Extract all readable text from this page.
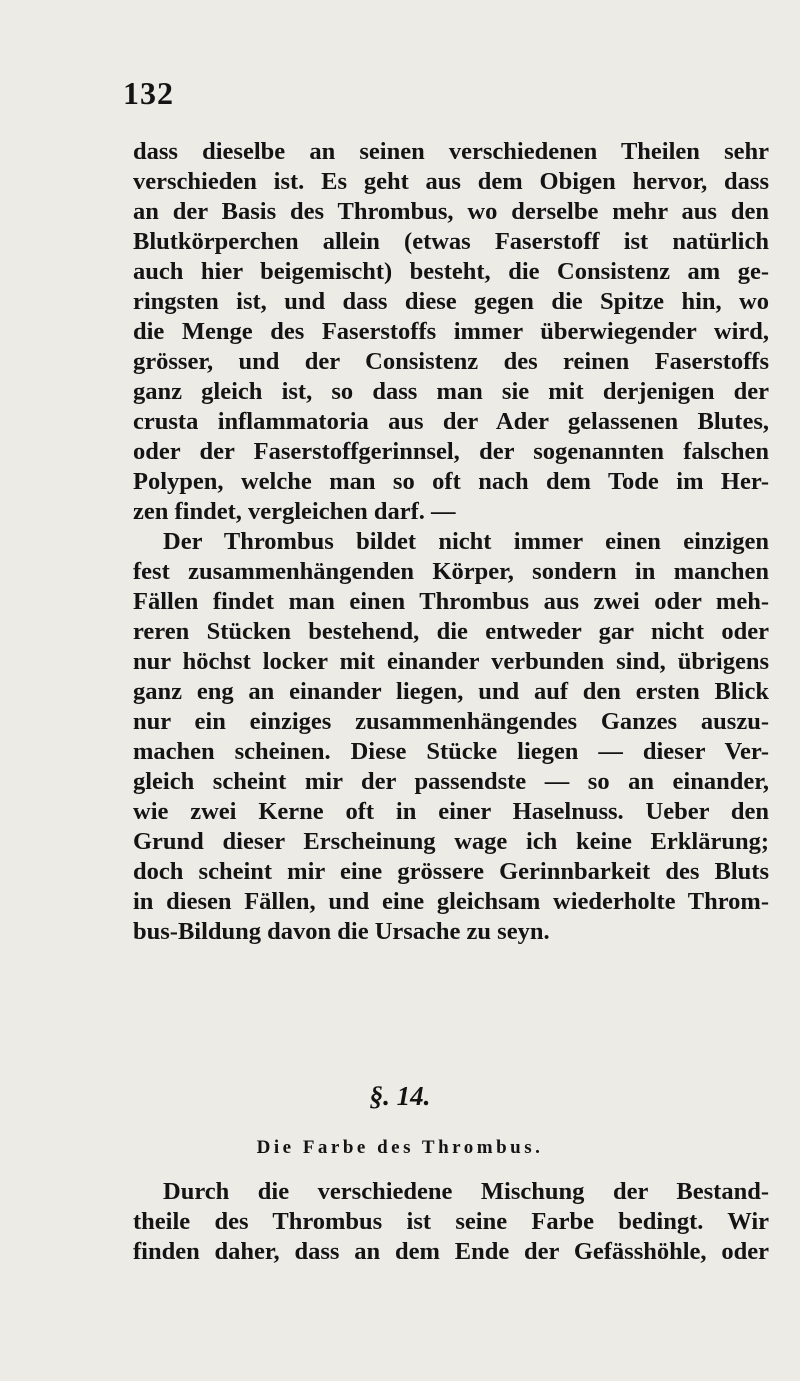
132
dass dieselbe an seinen verschiedenen Theilen sehr
verschieden ist. Es geht aus dem Obigen hervor, dass
an der Basis des Thrombus, wo derselbe mehr aus den
Blutkörperchen allein (etwas Faserstoff ist natürlich
auch hier beigemischt) besteht, die Consistenz am ge-
ringsten ist, und dass diese gegen die Spitze hin, wo
die Menge des Faserstoffs immer überwiegender wird,
grösser, und der Consistenz des reinen Faserstoffs
ganz gleich ist, so dass man sie mit derjenigen der
crusta inflammatoria aus der Ader gelassenen Blutes,
oder der Faserstoffgerinnsel, der sogenannten falschen
Polypen, welche man so oft nach dem Tode im Her-
zen findet, vergleichen darf. —
Der Thrombus bildet nicht immer einen einzigen
fest zusammenhängenden Körper, sondern in manchen
Fällen findet man einen Thrombus aus zwei oder meh-
reren Stücken bestehend, die entweder gar nicht oder
nur höchst locker mit einander verbunden sind, übrigens
ganz eng an einander liegen, und auf den ersten Blick
nur ein einziges zusammenhängendes Ganzes auszu-
machen scheinen. Diese Stücke liegen — dieser Ver-
gleich scheint mir der passendste — so an einander,
wie zwei Kerne oft in einer Haselnuss. Ueber den
Grund dieser Erscheinung wage ich keine Erklärung;
doch scheint mir eine grössere Gerinnbarkeit des Bluts
in diesen Fällen, und eine gleichsam wiederholte Throm-
bus-Bildung davon die Ursache zu seyn.
§. 14.
Die Farbe des Thrombus.
Durch die verschiedene Mischung der Bestand-
theile des Thrombus ist seine Farbe bedingt. Wir
finden daher, dass an dem Ende der Gefässhöhle, oder
